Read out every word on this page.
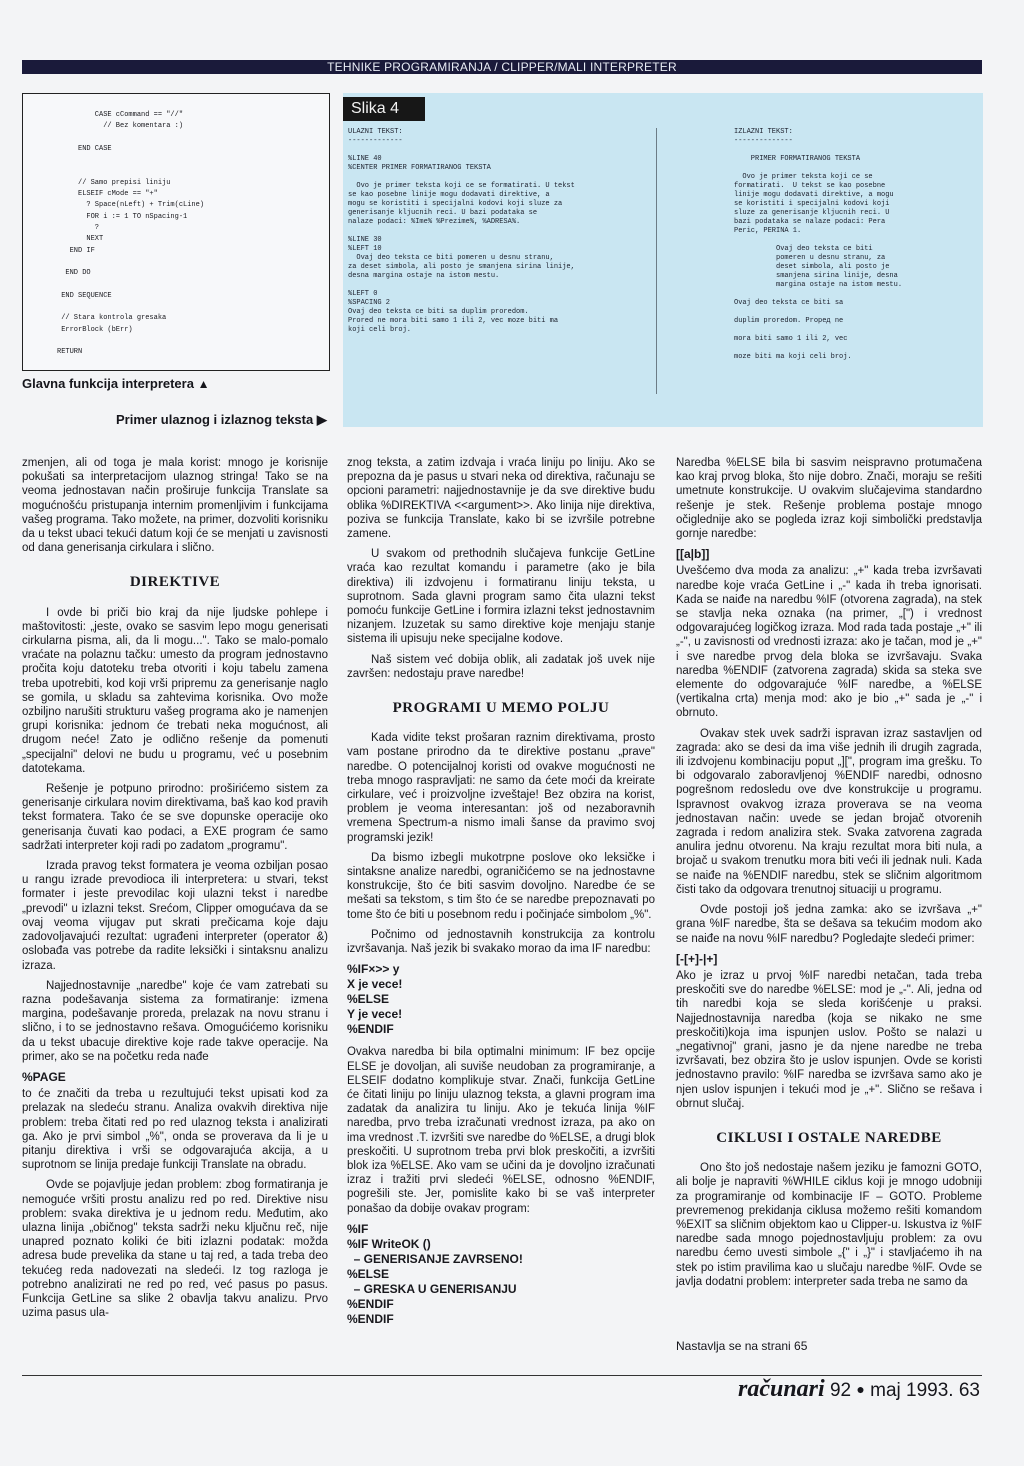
TEHNIKE PROGRAMIRANJA / CLIPPER/MALI INTERPRETER
CASE cCommand == "//"
// Bez komentara :)

END CASE

// Samo prepisi liniju
ELSEIF cMode == "+"
? Space(nLeft) + Trim(cLine)
FOR i := 1 TO nSpacing-1
?
NEXT
END IF

END DO

END SEQUENCE

// Stara kontrola gresaka
ErrorBlock (bErr)

RETURN
Glavna funkcija interpretera ▲
Primer ulaznog i izlaznog teksta ▶
Slika 4
ULAZNI TEKST:
-------------

%LINE 40
%CENTER PRIMER FORMATIRANOG TEKSTA

Ovo je primer teksta koji ce se formatirati. U tekst
se kao posebne linije mogu dodavati direktive, a
mogu se koristiti i specijalni kodovi koji sluze za
generisanje kljucnih reci. U bazi podataka se
nalaze podaci: %Ime% %Prezime%, %ADRESA%.

%LINE 30
%LEFT 10
Ovaj deo teksta ce biti pomeren u desnu stranu,
za deset simbola, ali posto je smanjena sirina linije,
desna margina ostaje na istom mestu.

%LEFT 0
%SPACING 2
Ovaj deo teksta ce biti sa duplim proredom.
Prored ne mora biti samo 1 ili 2, vec moze biti ma
koji celi broj.
IZLAZNI TEKST:
--------------

PRIMER FORMATIRANOG TEKSTA

Ovo je primer teksta koji ce se
formatirati.  U tekst se kao posebne
linije mogu dodavati direktive, a mogu
se koristiti i specijalni kodovi koji
sluze za generisanje kljucnih reci. U
bazi podataka se nalaze podaci: Pera
Peric, PERINA 1.

Ovaj deo teksta ce biti
pomeren u desnu stranu, za
deset simbola, ali posto je
smanjena sirina linije, desna
margina ostaje na istom mestu.

Ovaj deo teksta ce biti sa

duplim proredom. Proред ne

mora biti samo 1 ili 2, vec

moze biti ma koji celi broj.

zmenjen, ali od toga je mala korist: mnogo je korisnije pokušati sa interpretacijom ulaznog stringa! Tako se na veoma jednostavan način proširuje funkcija Translate sa mogućnošću pristupanja internim promenljivim i funkcijama vašeg programa. Tako možete, na primer, dozvoliti korisniku da u tekst ubaci tekući datum koji će se menjati u zavisnosti od dana generisanja cirkulara i slično.

DIREKTIVE

I ovde bi priči bio kraj da nije ljudske pohlepe i maštovitosti: „jeste, ovako se sasvim lepo mogu generisati cirkularna pisma, ali, da li mogu...". Tako se malo-pomalo vraćate na polaznu tačku: umesto da program jednostavno pročita koju datoteku treba otvoriti i koju tabelu zamena treba upotrebiti, kod koji vrši pripremu za generisanje naglo se gomila, u skladu sa zahtevima korisnika. Ovo može ozbiljno narušiti strukturu vašeg programa ako je namenjen grupi korisnika: jednom će trebati neka mogućnost, ali drugom neće! Zato je odlično rešenje da pomenuti „specijalni" delovi ne budu u programu, već u posebnim datotekama.

Rešenje je potpuno prirodno: proširićemo sistem za generisanje cirkulara novim direktivama, baš kao kod pravih tekst formatera. Tako će se sve dopunske operacije oko generisanja čuvati kao podaci, a EXE program će samo sadržati interpreter koji radi po zadatom „programu".

Izrada pravog tekst formatera je veoma ozbiljan posao u rangu izrade prevodioca ili interpretera: u stvari, tekst formater i jeste prevodilac koji ulazni tekst i naredbe „prevodi" u izlazni tekst. Srećom, Clipper omogućava da se ovaj veoma vijugav put skrati prečicama koje daju zadovoljavajući rezultat: ugrađeni interpreter (operator &) oslobađa vas potrebe da radite leksički i sintaksnu analizu izraza.

Najjednostavnije „naredbe" koje će vam zatrebati su razna podešavanja sistema za formatiranje: izmena margina, podešavanje proreda, prelazak na novu stranu i slično, i to se jednostavno rešava. Omogućićemo korisniku da u tekst ubacuje direktive koje rade takve operacije. Na primer, ako se na početku reda nađe

%PAGE

to će značiti da treba u rezultujući tekst upisati kod za prelazak na sledeću stranu. Analiza ovakvih direktiva nije problem: treba čitati red po red ulaznog teksta i analizirati ga. Ako je prvi simbol „%", onda se proverava da li je u pitanju direktiva i vrši se odgovarajuća akcija, a u suprotnom se linija predaje funkciji Translate na obradu.

Ovde se pojavljuje jedan problem: zbog formatiranja je nemoguće vršiti prostu analizu red po red. Direktive nisu problem: svaka direktiva je u jednom redu. Međutim, ako ulazna linija „običnog" teksta sadrži neku ključnu reč, nije unapred poznato koliki će biti izlazni podatak: možda adresa bude prevelika da stane u taj red, a tada treba deo tekućeg reda nadovezati na sledeći. Iz tog razloga je potrebno analizirati ne red po red, već pasus po pasus. Funkcija GetLine sa slike 2 obavlja takvu analizu. Prvo uzima pasus ula-

znog teksta, a zatim izdvaja i vraća liniju po liniju. Ako se prepozna da je pasus u stvari neka od direktiva, računaju se opcioni parametri: najjednostavnije je da sve direktive budu oblika %DIREKTIVA <<argument>>. Ako linija nije direktiva, poziva se funkcija Translate, kako bi se izvršile potrebne zamene.

U svakom od prethodnih slučajeva funkcije GetLine vraća kao rezultat komandu i parametre (ako je bila direktiva) ili izdvojenu i formatiranu liniju teksta, u suprotnom. Sada glavni program samo čita ulazni tekst pomoću funkcije GetLine i formira izlazni tekst jednostavnim nizanjem. Izuzetak su samo direktive koje menjaju stanje sistema ili upisuju neke specijalne kodove.

Naš sistem već dobija oblik, ali zadatak još uvek nije završen: nedostaju prave naredbe!

PROGRAMI U MEMO POLJU

Kada vidite tekst prošaran raznim direktivama, prosto vam postane prirodno da te direktive postanu „prave" naredbe. O potencijalnoj koristi od ovakve mogućnosti ne treba mnogo raspravljati: ne samo da ćete moći da kreirate cirkulare, već i proizvoljne izveštaje! Bez obzira na korist, problem je veoma interesantan: još od nezaboravnih vremena Spectrum-a nismo imali šanse da pravimo svoj programski jezik!

Da bismo izbegli mukotrpne poslove oko leksičke i sintaksne analize naredbi, ograničićemo se na jednostavne konstrukcije, što će biti sasvim dovoljno. Naredbe će se mešati sa tekstom, s tim što će se naredbe prepoznavati po tome što će biti u posebnom redu i počinjaće simbolom „%".

Počnimo od jednostavnih konstrukcija za kontrolu izvršavanja. Naš jezik bi svakako morao da ima IF naredbu:

%IF×>> y
X je vece!
%ELSE
Y je vece!
%ENDIF

Ovakva naredba bi bila optimalni minimum: IF bez opcije ELSE je dovoljan, ali suviše neudoban za programiranje, a ELSEIF dodatno komplikuje stvar. Znači, funkcija GetLine će čitati liniju po liniju ulaznog teksta, a glavni program ima zadatak da analizira tu liniju. Ako je tekuća linija %IF naredba, prvo treba izračunati vrednost izraza, pa ako on ima vrednost .T. izvršiti sve naredbe do %ELSE, a drugi blok preskočiti. U suprotnom treba prvi blok preskočiti, a izvršiti blok iza %ELSE. Ako vam se učini da je dovoljno izračunati izraz i tražiti prvi sledeći %ELSE, odnosno %ENDIF, pogrešili ste. Jer, pomislite kako bi se vaš interpreter ponašao da dobije ovakav program:

%IF
%IF WriteOK ()
– GENERISANJE ZAVRSENO!
%ELSE
– GRESKA U GENERISANJU
%ENDIF
%ENDIF

Naredba %ELSE bila bi sasvim neispravno protumačena kao kraj prvog bloka, što nije dobro. Znači, moraju se rešiti umetnute konstrukcije. U ovakvim slučajevima standardno rešenje je stek. Rešenje problema postaje mnogo očiglednije ako se pogleda izraz koji simbolički predstavlja gornje naredbe:

[[a|b]]

Uvešćemo dva moda za analizu: „+" kada treba izvršavati naredbe koje vraća GetLine i „-" kada ih treba ignorisati. Kada se naiđe na naredbu %IF (otvorena zagrada), na stek se stavlja neka oznaka (na primer, „[") i vrednost odgovarajućeg logičkog izraza. Mod rada tada postaje „+" ili „-", u zavisnosti od vrednosti izraza: ako je tačan, mod je „+" i sve naredbe prvog dela bloka se izvršavaju. Svaka naredba %ENDIF (zatvorena zagrada) skida sa steka sve elemente do odgovarajuće %IF naredbe, a %ELSE (vertikalna crta) menja mod: ako je bio „+" sada je „-" i obrnuto.

Ovakav stek uvek sadrži ispravan izraz sastavljen od zagrada: ako se desi da ima više jednih ili drugih zagrada, ili izdvojenu kombinaciju poput „][", program ima grešku. To bi odgovaralo zaboravljenoj %ENDIF naredbi, odnosno pogrešnom redosledu ove dve konstrukcije u programu. Ispravnost ovakvog izraza proverava se na veoma jednostavan način: uvede se jedan brojač otvorenih zagrada i redom analizira stek. Svaka zatvorena zagrada anulira jednu otvorenu. Na kraju rezultat mora biti nula, a brojač u svakom trenutku mora biti veći ili jednak nuli. Kada se naiđe na %ENDIF naredbu, stek se sličnim algoritmom čisti tako da odgovara trenutnoj situaciji u programu.

Ovde postoji još jedna zamka: ako se izvršava „+" grana %IF naredbe, šta se dešava sa tekućim modom ako se naiđe na novu %IF naredbu? Pogledajte sledeći primer:

[-[+]-|+]

Ako je izraz u prvoj %IF naredbi netačan, tada treba preskočiti sve do naredbe %ELSE: mod je „-". Ali, jedna od tih naredbi koja se sleda korišćenje u praksi. Najjednostavnija naredba (koja se nikako ne sme preskočiti)koja ima ispunjen uslov. Pošto se nalazi u „negativnoj" grani, jasno je da njene naredbe ne treba izvršavati, bez obzira što je uslov ispunjen. Ovde se koristi jednostavno pravilo: %IF naredba se izvršava samo ako je njen uslov ispunjen i tekući mod je „+". Slično se rešava i obrnut slučaj.

CIKLUSI I OSTALE NAREDBE

Ono što još nedostaje našem jeziku je famozni GOTO, ali bolje je napraviti %WHILE ciklus koji je mnogo udobniji za programiranje od kombinacije IF – GOTO. Probleme prevremenog prekidanja ciklusa možemo rešiti komandom %EXIT sa sličnim objektom kao u Clipper-u. Iskustva iz %IF naredbe sada mnogo pojednostavljuju problem: za ovu naredbu ćemo uvesti simbole „{" i „}" i stavljaćemo ih na stek po istim pravilima kao u slučaju naredbe %IF. Ovde se javlja dodatni problem: interpreter sada treba ne samo da

Nastavlja se na strani 65
računari 92 ● maj 1993. 63
